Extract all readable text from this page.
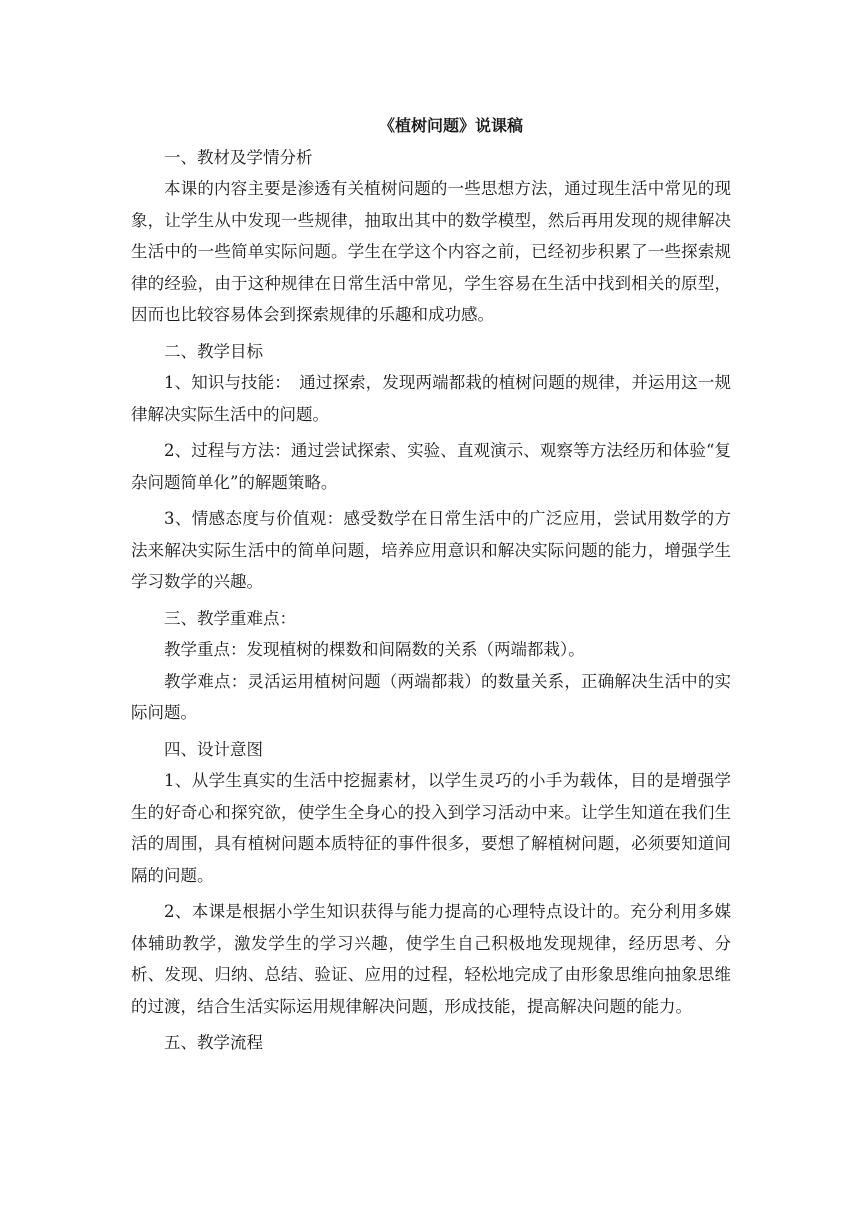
《植树问题》说课稿

一、教材及学情分析

本课的内容主要是渗透有关植树问题的一些思想方法，通过现生活中常见的现象，让学生从中发现一些规律，抽取出其中的数学模型，然后再用发现的规律解决生活中的一些简单实际问题。学生在学这个内容之前，已经初步积累了一些探索规律的经验，由于这种规律在日常生活中常见，学生容易在生活中找到相关的原型，因而也比较容易体会到探索规律的乐趣和成功感。

二、教学目标

1、知识与技能：　通过探索，发现两端都栽的植树问题的规律，并运用这一规律解决实际生活中的问题。

2、过程与方法：通过尝试探索、实验、直观演示、观察等方法经历和体验“复杂问题简单化”的解题策略。

3、情感态度与价值观：感受数学在日常生活中的广泛应用，尝试用数学的方法来解决实际生活中的简单问题，培养应用意识和解决实际问题的能力，增强学生学习数学的兴趣。

三、教学重难点：

教学重点：发现植树的棵数和间隔数的关系（两端都栽）。

教学难点：灵活运用植树问题（两端都栽）的数量关系，正确解决生活中的实际问题。

四、设计意图

1、从学生真实的生活中挖掘素材，以学生灵巧的小手为载体，目的是增强学生的好奇心和探究欲，使学生全身心的投入到学习活动中来。让学生知道在我们生活的周围，具有植树问题本质特征的事件很多，要想了解植树问题，必须要知道间隔的问题。

2、本课是根据小学生知识获得与能力提高的心理特点设计的。充分利用多媒体辅助教学，激发学生的学习兴趣，使学生自己积极地发现规律，经历思考、分析、发现、归纳、总结、验证、应用的过程，轻松地完成了由形象思维向抽象思维的过渡，结合生活实际运用规律解决问题，形成技能，提高解决问题的能力。

五、教学流程
